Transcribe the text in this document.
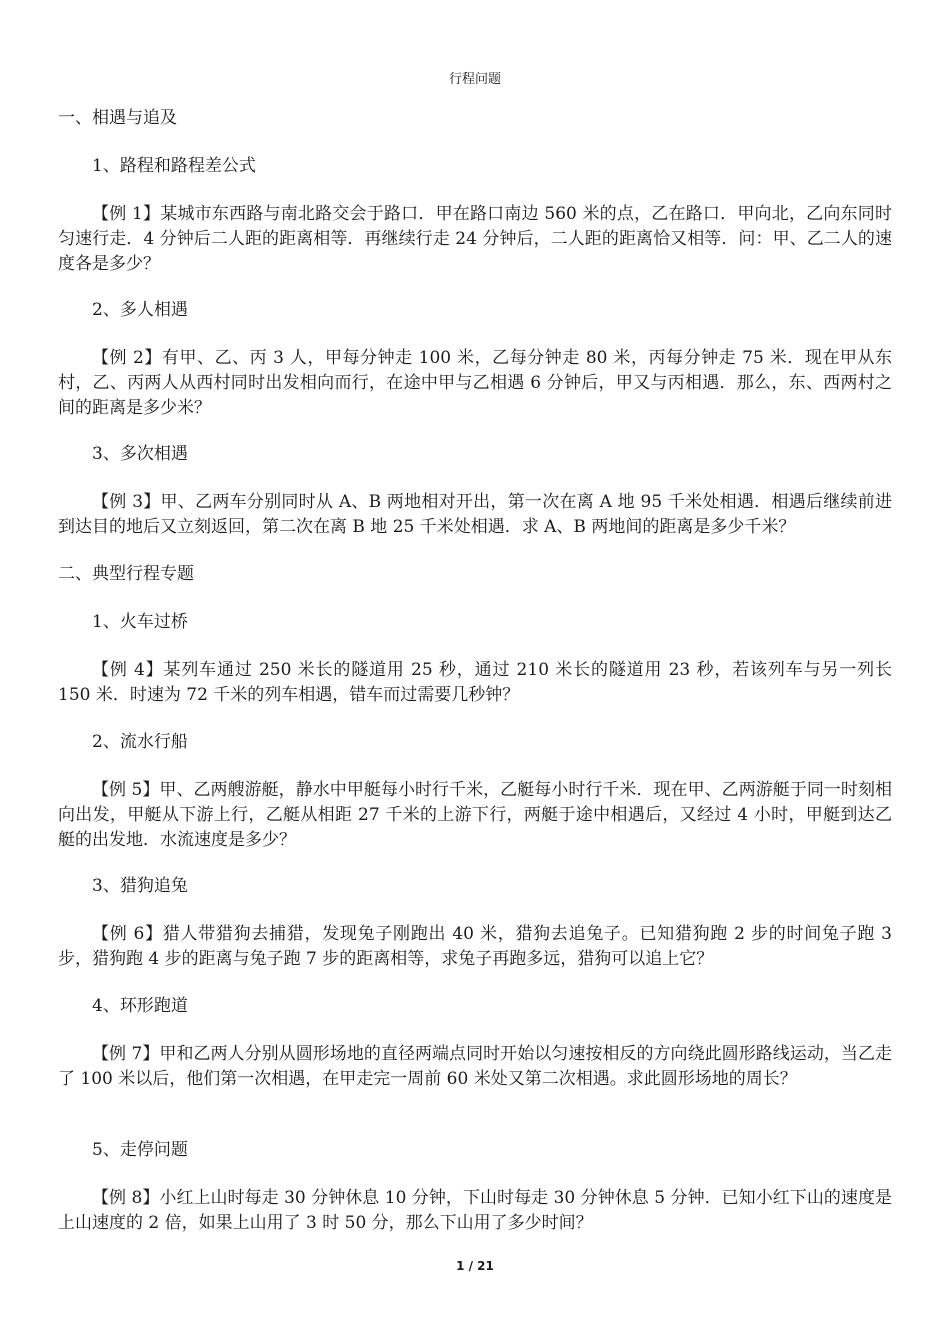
行程问题

一、相遇与追及

1、路程和路程差公式

【例 1】某城市东西路与南北路交会于路口．甲在路口南边 560 米的点，乙在路口．甲向北，乙向东同时匀速行走．4 分钟后二人距的距离相等．再继续行走 24 分钟后，二人距的距离恰又相等．问：甲、乙二人的速度各是多少？

2、多人相遇

【例 2】有甲、乙、丙 3 人，甲每分钟走 100 米，乙每分钟走 80 米，丙每分钟走 75 米．现在甲从东村，乙、丙两人从西村同时出发相向而行，在途中甲与乙相遇 6 分钟后，甲又与丙相遇．那么，东、西两村之间的距离是多少米？

3、多次相遇

【例 3】甲、乙两车分别同时从 A、B 两地相对开出，第一次在离 A 地 95 千米处相遇．相遇后继续前进到达目的地后又立刻返回，第二次在离 B 地 25 千米处相遇．求 A、B 两地间的距离是多少千米？

二、典型行程专题

1、火车过桥

【例 4】某列车通过 250 米长的隧道用 25 秒，通过 210 米长的隧道用 23 秒，若该列车与另一列长 150 米．时速为 72 千米的列车相遇，错车而过需要几秒钟？

2、流水行船

【例 5】甲、乙两艘游艇，静水中甲艇每小时行千米，乙艇每小时行千米．现在甲、乙两游艇于同一时刻相向出发，甲艇从下游上行，乙艇从相距 27 千米的上游下行，两艇于途中相遇后，又经过 4 小时，甲艇到达乙艇的出发地．水流速度是多少？

3、猎狗追兔

【例 6】猎人带猎狗去捕猎，发现兔子刚跑出 40 米，猎狗去追兔子。已知猎狗跑 2 步的时间兔子跑 3 步，猎狗跑 4 步的距离与兔子跑 7 步的距离相等，求兔子再跑多远，猎狗可以追上它？

4、环形跑道

【例 7】甲和乙两人分别从圆形场地的直径两端点同时开始以匀速按相反的方向绕此圆形路线运动，当乙走了 100 米以后，他们第一次相遇，在甲走完一周前 60 米处又第二次相遇。求此圆形场地的周长？

5、走停问题

【例 8】小红上山时每走 30 分钟休息 10 分钟，下山时每走 30 分钟休息 5 分钟．已知小红下山的速度是上山速度的 2 倍，如果上山用了 3 时 50 分，那么下山用了多少时间？

1 / 21
